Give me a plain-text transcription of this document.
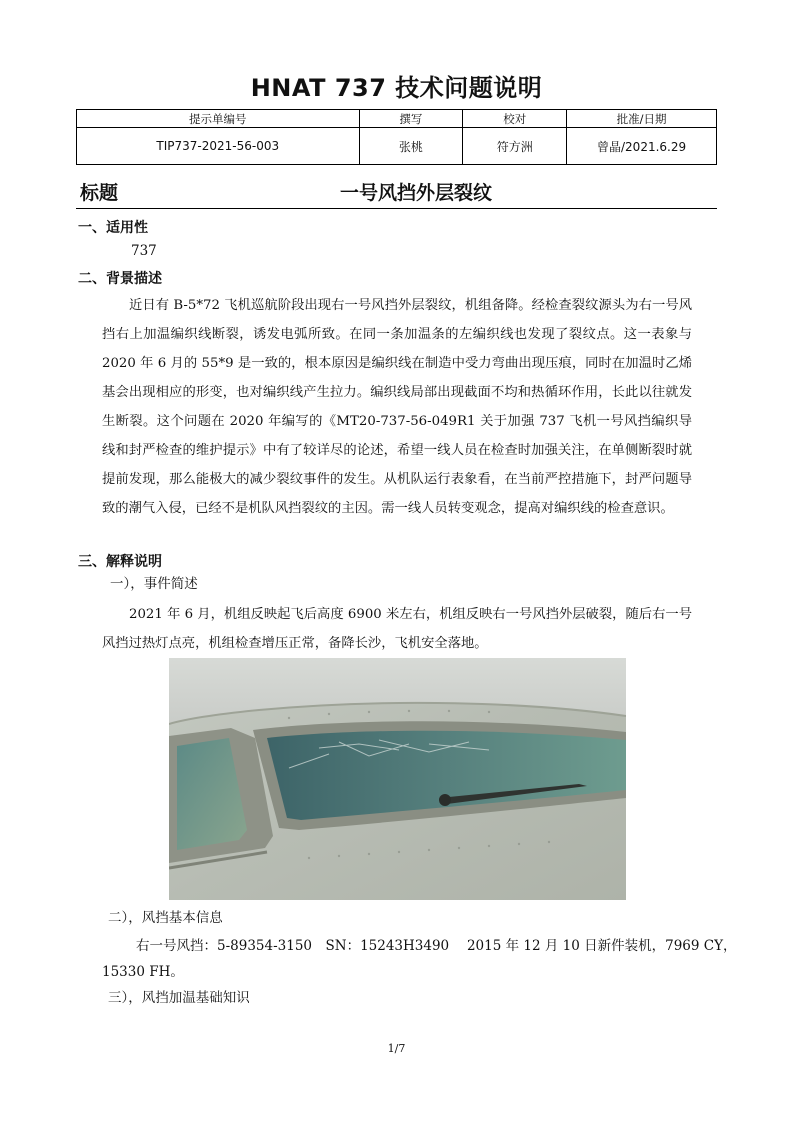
HNAT 737 技术问题说明
提示单编号	撰写	校对	批准/日期
TIP737-2021-56-003	张桃	符方洲	曾晶/2021.6.29
标题	一号风挡外层裂纹
一、适用性
737
二、背景描述
近日有 B-5*72 飞机巡航阶段出现右一号风挡外层裂纹，机组备降。经检查裂纹源头为右一号风挡右上加温编织线断裂，诱发电弧所致。在同一条加温条的左编织线也发现了裂纹点。这一表象与 2020 年 6 月的 55*9 是一致的，根本原因是编织线在制造中受力弯曲出现压痕，同时在加温时乙烯基会出现相应的形变，也对编织线产生拉力。编织线局部出现截面不均和热循环作用，长此以往就发生断裂。这个问题在 2020 年编写的《MT20-737-56-049R1 关于加强 737 飞机一号风挡编织导线和封严检查的维护提示》中有了较详尽的论述，希望一线人员在检查时加强关注，在单侧断裂时就提前发现，那么能极大的减少裂纹事件的发生。从机队运行表象看，在当前严控措施下，封严问题导致的潮气入侵，已经不是机队风挡裂纹的主因。需一线人员转变观念，提高对编织线的检查意识。
三、解释说明
一），事件简述
2021 年 6 月，机组反映起飞后高度 6900 米左右，机组反映右一号风挡外层破裂，随后右一号风挡过热灯点亮，机组检查增压正常，备降长沙，飞机安全落地。
二），风挡基本信息
右一号风挡：5-89354-3150　SN：15243H3490　 2015 年 12 月 10 日新件装机，7969 CY，
15330 FH。
三），风挡加温基础知识
1/7
